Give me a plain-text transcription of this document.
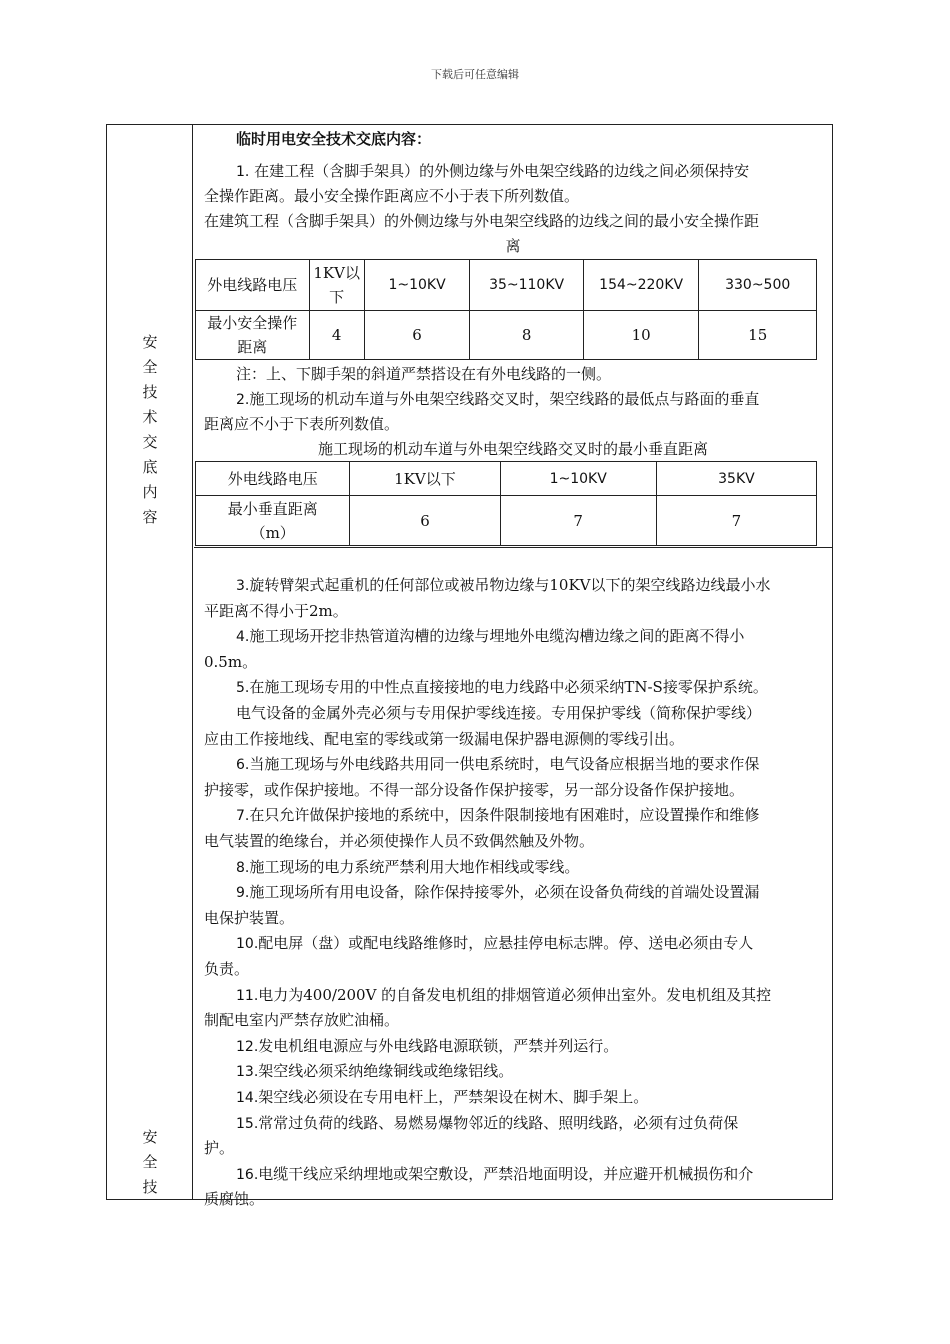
下载后可任意编辑
安
全
技
术
交
底
内
容
安
全
技
临时用电安全技术交底内容：
1. 在建工程（含脚手架具）的外侧边缘与外电架空线路的边线之间必须保持安
全操作距离。最小安全操作距离应不小于表下所列数值。
在建筑工程（含脚手架具）的外侧边缘与外电架空线路的边线之间的最小安全操作距
离
外电线路电压	1KV以下	1~10KV	35~110KV	154~220KV	330~500
最小安全操作距离	4	6	8	10	15
注：上、下脚手架的斜道严禁搭设在有外电线路的一侧。
2.施工现场的机动车道与外电架空线路交叉时，架空线路的最低点与路面的垂直
距离应不小于下表所列数值。
施工现场的机动车道与外电架空线路交叉时的最小垂直距离
外电线路电压	1KV以下	1~10KV	35KV
最小垂直距离（m）	6	7	7
3.旋转臂架式起重机的任何部位或被吊物边缘与10KV以下的架空线路边线最小水
平距离不得小于2m。
4.施工现场开挖非热管道沟槽的边缘与埋地外电缆沟槽边缘之间的距离不得小
0.5m。
5.在施工现场专用的中性点直接接地的电力线路中必须采纳TN-S接零保护系统。
电气设备的金属外壳必须与专用保护零线连接。专用保护零线（简称保护零线）
应由工作接地线、配电室的零线或第一级漏电保护器电源侧的零线引出。
6.当施工现场与外电线路共用同一供电系统时，电气设备应根据当地的要求作保
护接零，或作保护接地。不得一部分设备作保护接零，另一部分设备作保护接地。
7.在只允许做保护接地的系统中，因条件限制接地有困难时，应设置操作和维修
电气装置的绝缘台，并必须使操作人员不致偶然触及外物。
8.施工现场的电力系统严禁利用大地作相线或零线。
9.施工现场所有用电设备，除作保持接零外，必须在设备负荷线的首端处设置漏
电保护装置。
10.配电屏（盘）或配电线路维修时，应悬挂停电标志牌。停、送电必须由专人
负责。
11.电力为400/200V 的自备发电机组的排烟管道必须伸出室外。发电机组及其控
制配电室内严禁存放贮油桶。
12.发电机组电源应与外电线路电源联锁，严禁并列运行。
13.架空线必须采纳绝缘铜线或绝缘铝线。
14.架空线必须设在专用电杆上，严禁架设在树木、脚手架上。
15.常常过负荷的线路、易燃易爆物邻近的线路、照明线路，必须有过负荷保
护。
16.电缆干线应采纳埋地或架空敷设，严禁沿地面明设，并应避开机械损伤和介
质腐蚀。
